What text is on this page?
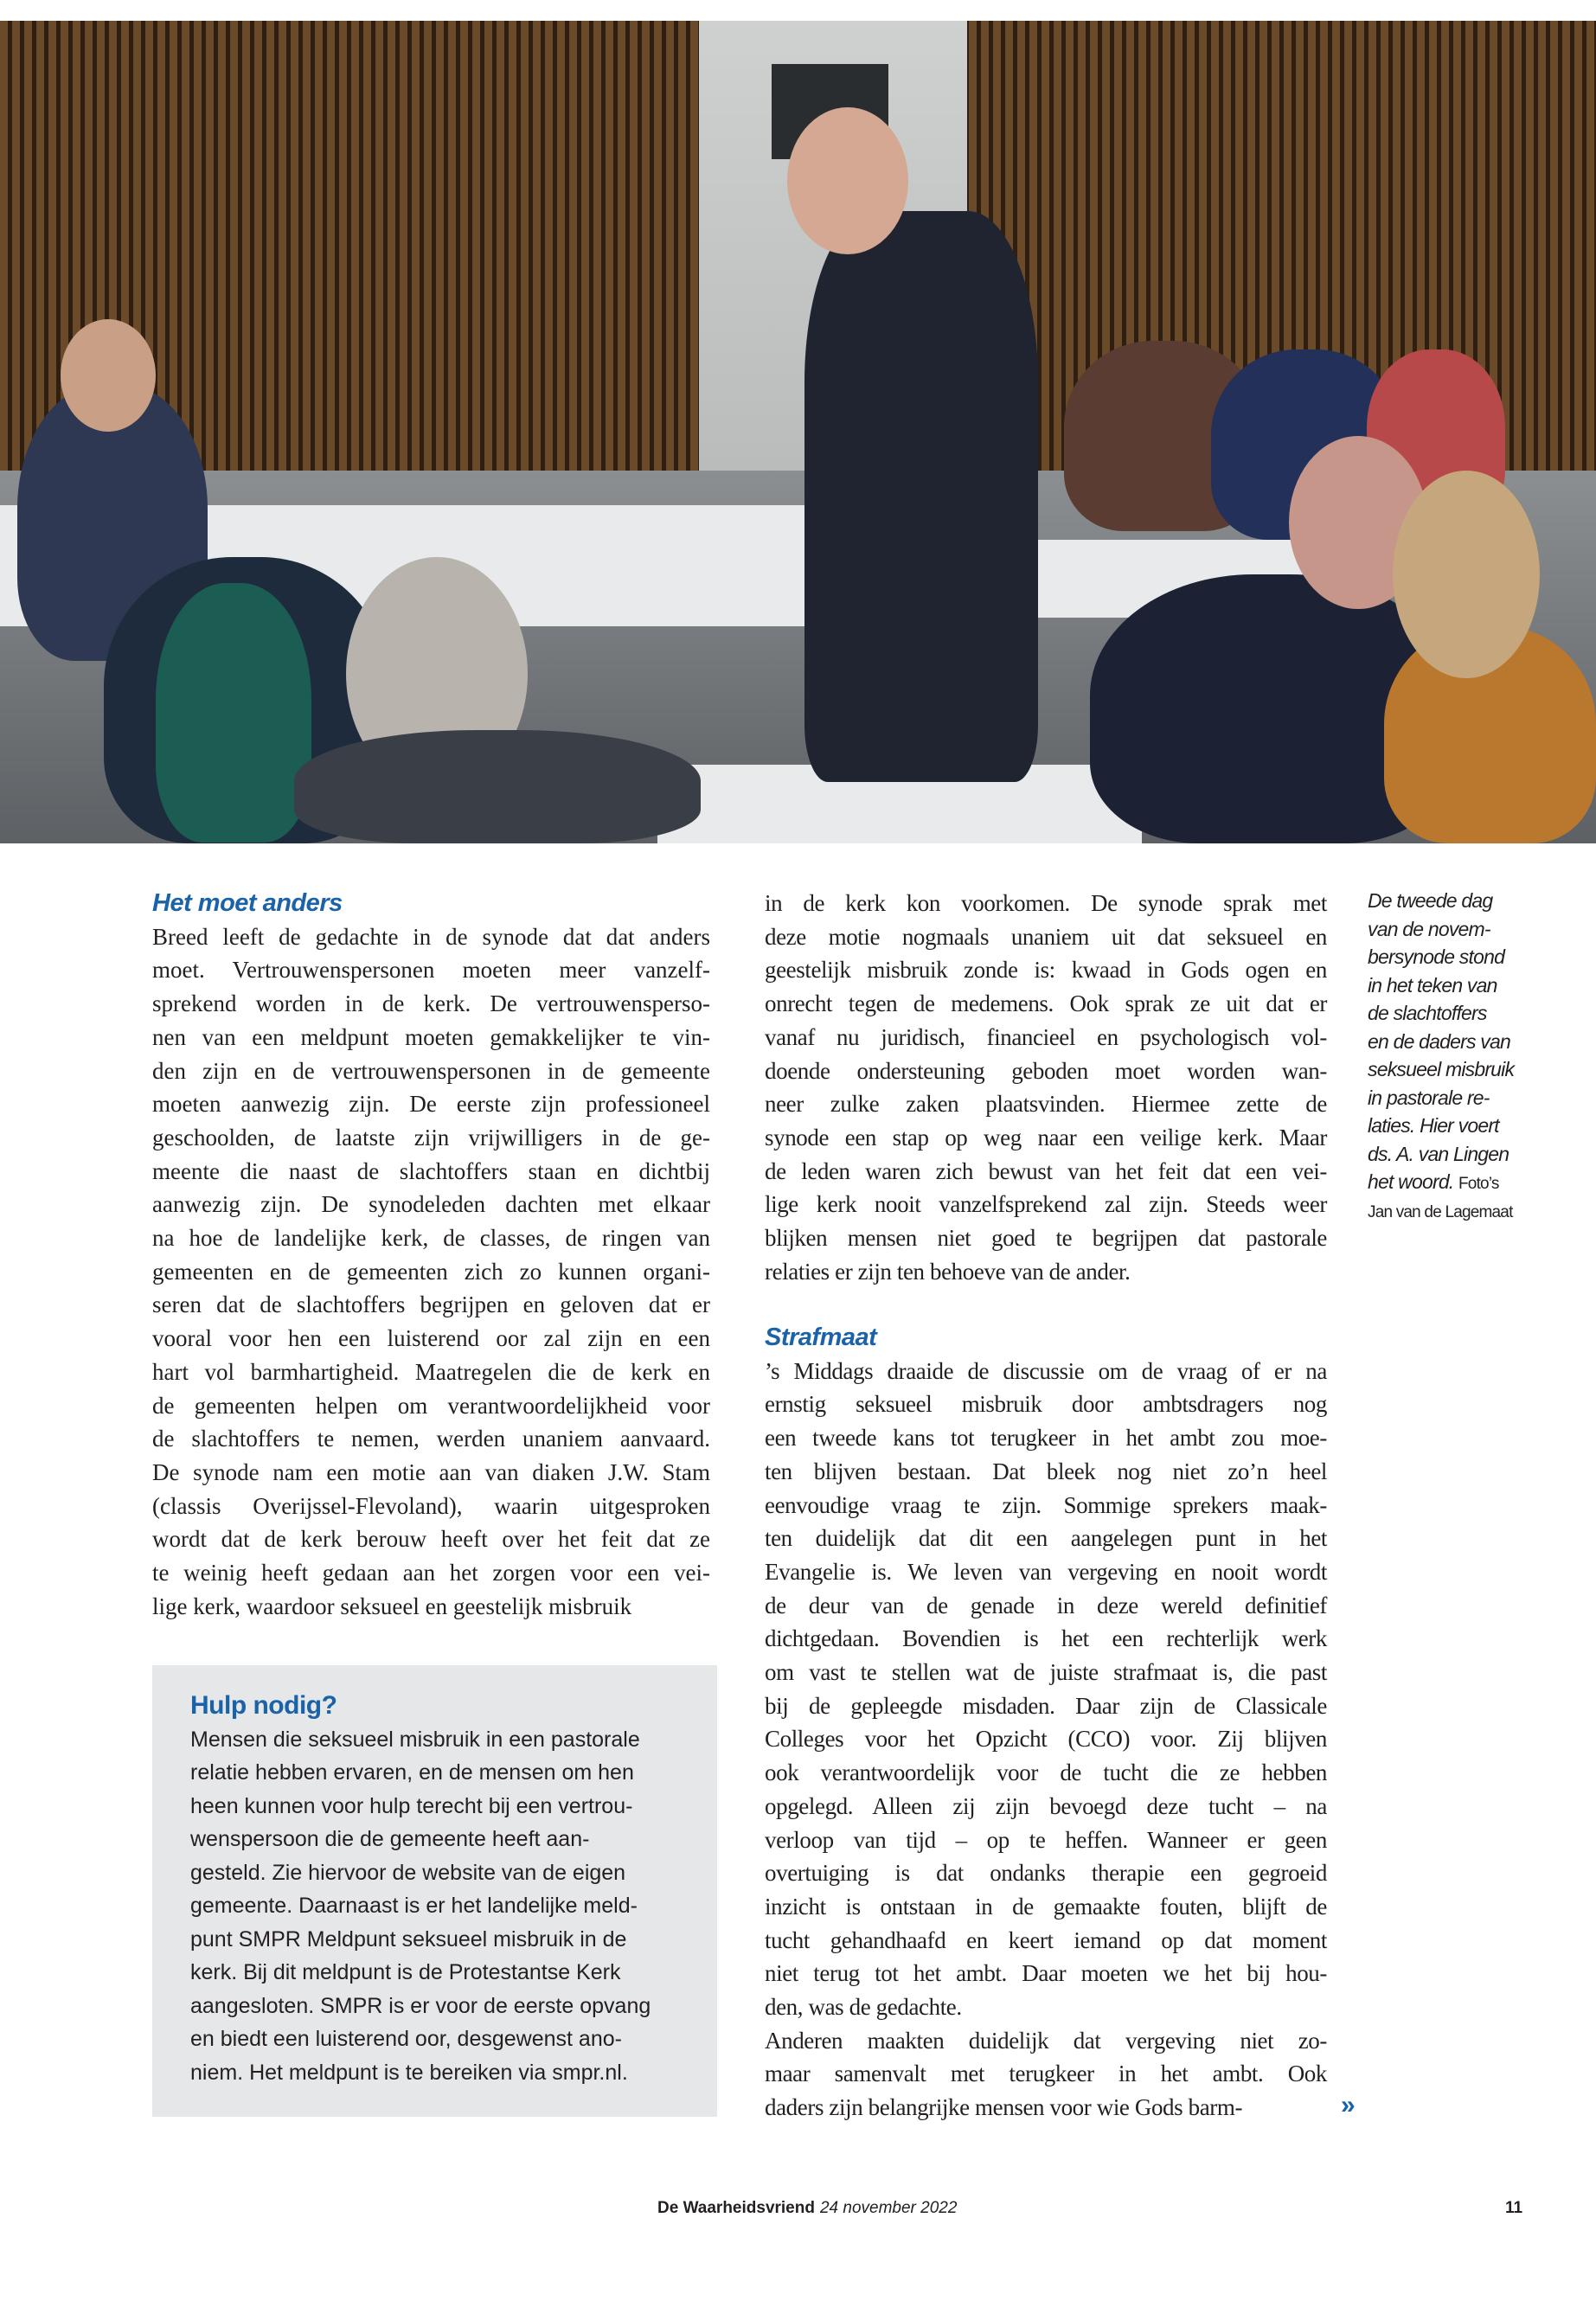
Het moet anders
Breed leeft de gedachte in de synode dat dat anders
moet. Vertrouwenspersonen moeten meer vanzelf-
sprekend worden in de kerk. De vertrouwensperso-
nen van een meldpunt moeten gemakkelijker te vin-
den zijn en de vertrouwenspersonen in de gemeente
moeten aanwezig zijn. De eerste zijn professioneel
geschoolden, de laatste zijn vrijwilligers in de ge-
meente die naast de slachtoffers staan en dichtbij
aanwezig zijn. De synodeleden dachten met elkaar
na hoe de landelijke kerk, de classes, de ringen van
gemeenten en de gemeenten zich zo kunnen organi-
seren dat de slachtoffers begrijpen en geloven dat er
vooral voor hen een luisterend oor zal zijn en een
hart vol barmhartigheid. Maatregelen die de kerk en
de gemeenten helpen om verantwoordelijkheid voor
de slachtoffers te nemen, werden unaniem aanvaard.
De synode nam een motie aan van diaken J.W. Stam
(classis Overijssel-Flevoland), waarin uitgesproken
wordt dat de kerk berouw heeft over het feit dat ze
te weinig heeft gedaan aan het zorgen voor een vei-
lige kerk, waardoor seksueel en geestelijk misbruik
in de kerk kon voorkomen. De synode sprak met
deze motie nogmaals unaniem uit dat seksueel en
geestelijk misbruik zonde is: kwaad in Gods ogen en
onrecht tegen de medemens. Ook sprak ze uit dat er
vanaf nu juridisch, financieel en psychologisch vol-
doende ondersteuning geboden moet worden wan-
neer zulke zaken plaatsvinden. Hiermee zette de
synode een stap op weg naar een veilige kerk. Maar
de leden waren zich bewust van het feit dat een vei-
lige kerk nooit vanzelfsprekend zal zijn. Steeds weer
blijken mensen niet goed te begrijpen dat pastorale
relaties er zijn ten behoeve van de ander.
Strafmaat
’s Middags draaide de discussie om de vraag of er na
ernstig seksueel misbruik door ambtsdragers nog
een tweede kans tot terugkeer in het ambt zou moe-
ten blijven bestaan. Dat bleek nog niet zo’n heel
eenvoudige vraag te zijn. Sommige sprekers maak-
ten duidelijk dat dit een aangelegen punt in het
Evangelie is. We leven van vergeving en nooit wordt
de deur van de genade in deze wereld definitief
dichtgedaan. Bovendien is het een rechterlijk werk
om vast te stellen wat de juiste strafmaat is, die past
bij de gepleegde misdaden. Daar zijn de Classicale
Colleges voor het Opzicht (CCO) voor. Zij blijven
ook verantwoordelijk voor de tucht die ze hebben
opgelegd. Alleen zij zijn bevoegd deze tucht – na
verloop van tijd – op te heffen. Wanneer er geen
overtuiging is dat ondanks therapie een gegroeid
inzicht is ontstaan in de gemaakte fouten, blijft de
tucht gehandhaafd en keert iemand op dat moment
niet terug tot het ambt. Daar moeten we het bij hou-
den, was de gedachte.
Anderen maakten duidelijk dat vergeving niet zo-
maar samenvalt met terugkeer in het ambt. Ook
daders zijn belangrijke mensen voor wie Gods barm-	»
De tweede dag
van de novem-
bersynode stond
in het teken van
de slachtoffers
en de daders van
seksueel misbruik
in pastorale re-
laties. Hier voert
ds. A. van Lingen
het woord. Foto’s
Jan van de Lagemaat
Hulp nodig?
Mensen die seksueel misbruik in een pastorale
relatie hebben ervaren, en de mensen om hen
heen kunnen voor hulp terecht bij een vertrou-
wenspersoon die de gemeente heeft aan-
gesteld. Zie hiervoor de website van de eigen
gemeente. Daarnaast is er het landelijke meld-
punt SMPR Meldpunt seksueel misbruik in de
kerk. Bij dit meldpunt is de Protestantse Kerk
aangesloten. SMPR is er voor de eerste opvang
en biedt een luisterend oor, desgewenst ano-
niem. Het meldpunt is te bereiken via smpr.nl.
De Waarheidsvriend 24 november 2022	11
